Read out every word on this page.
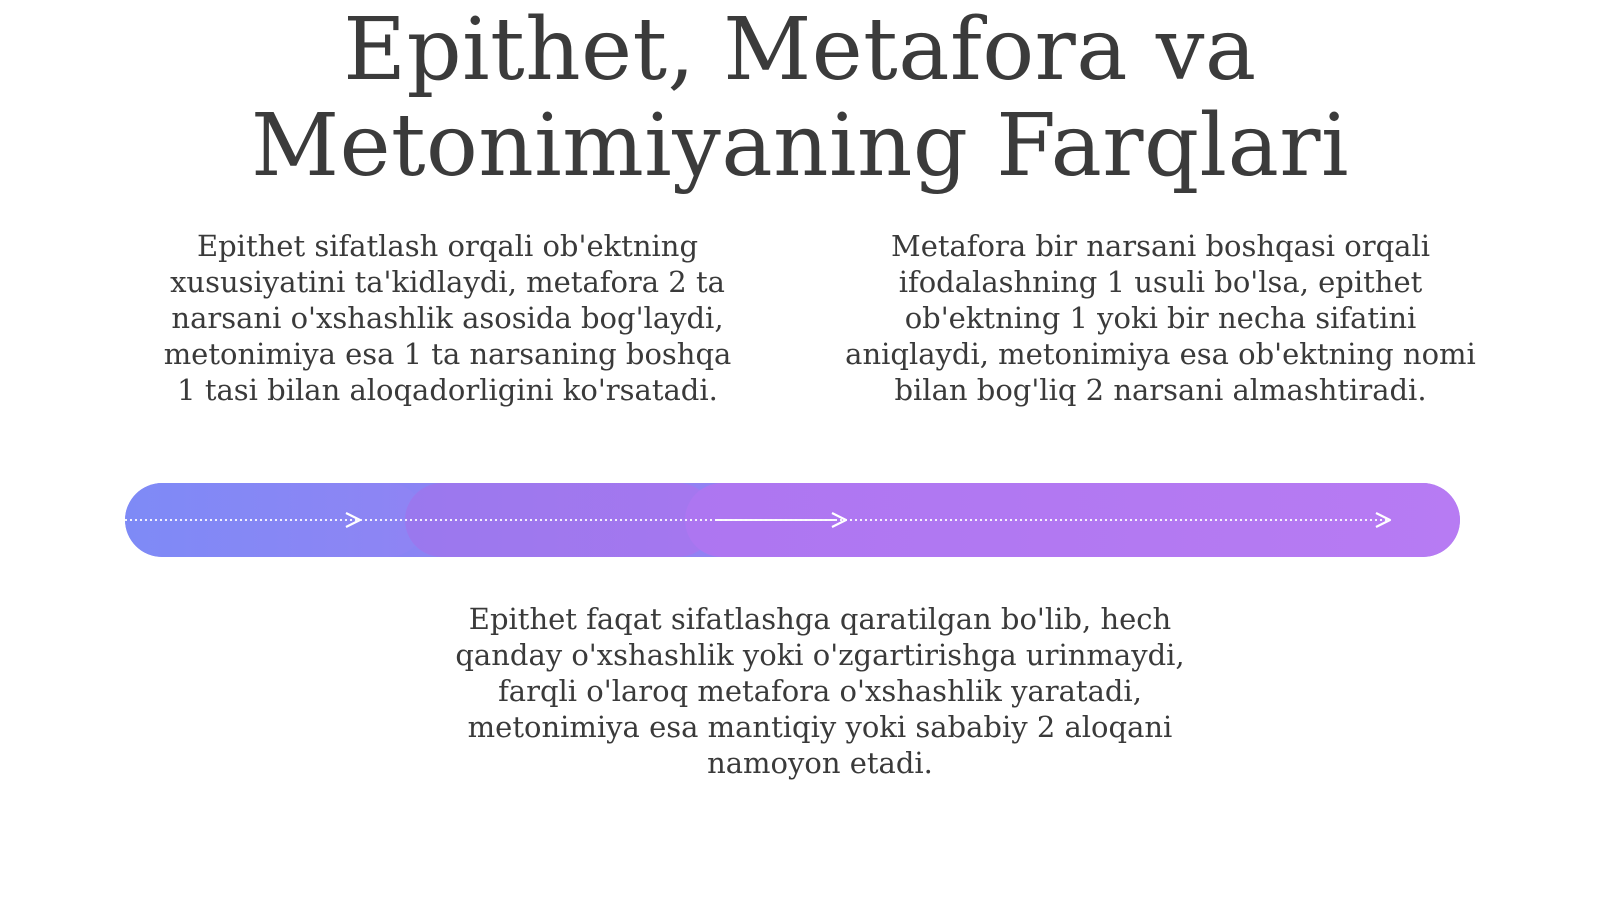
Epithet, Metafora va Metonimiyaning Farqlari

Epithet sifatlash orqali ob'ektning xususiyatini ta'kidlaydi, metafora 2 ta narsani o'xshashlik asosida bog'laydi, metonimiya esa 1 ta narsaning boshqa 1 tasi bilan aloqadorligini ko'rsatadi.

Metafora bir narsani boshqasi orqali ifodalashning 1 usuli bo'lsa, epithet ob'ektning 1 yoki bir necha sifatini aniqlaydi, metonimiya esa ob'ektning nomi bilan bog'liq 2 narsani almashtiradi.

Epithet faqat sifatlashga qaratilgan bo'lib, hech qanday o'xshashlik yoki o'zgartirishga urinmaydi, farqli o'laroq metafora o'xshashlik yaratadi, metonimiya esa mantiqiy yoki sababiy 2 aloqani namoyon etadi.
